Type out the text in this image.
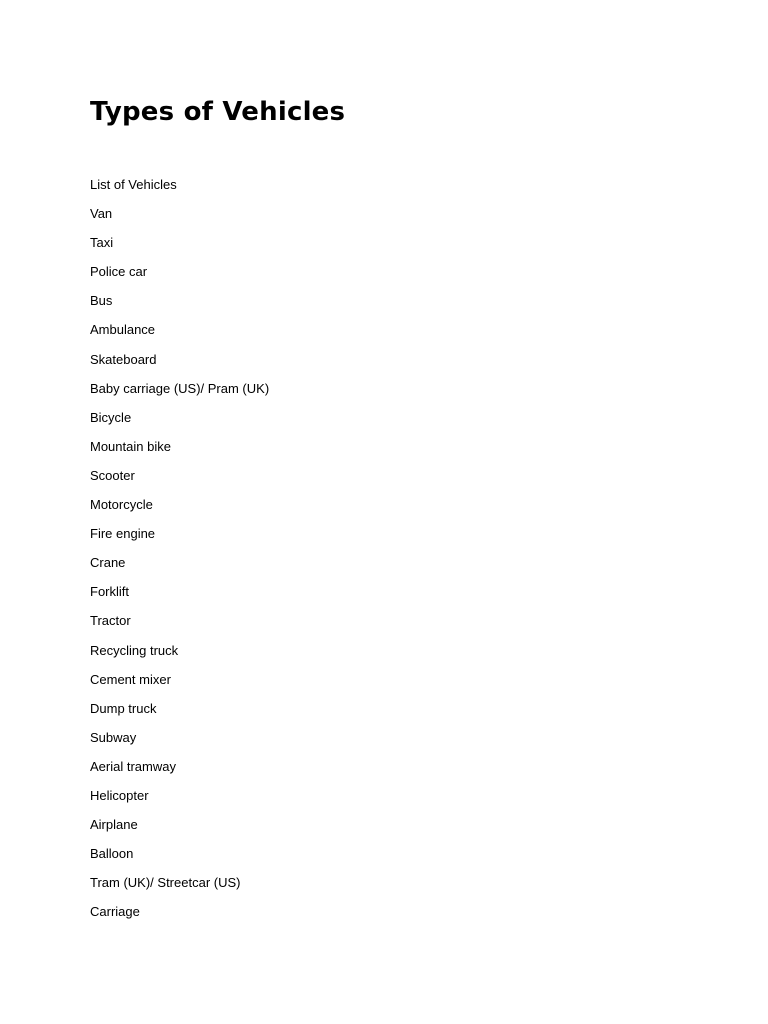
Types of Vehicles
List of Vehicles
Van
Taxi
Police car
Bus
Ambulance
Skateboard
Baby carriage (US)/ Pram (UK)
Bicycle
Mountain bike
Scooter
Motorcycle
Fire engine
Crane
Forklift
Tractor
Recycling truck
Cement mixer
Dump truck
Subway
Aerial tramway
Helicopter
Airplane
Balloon
Tram (UK)/ Streetcar (US)
Carriage
